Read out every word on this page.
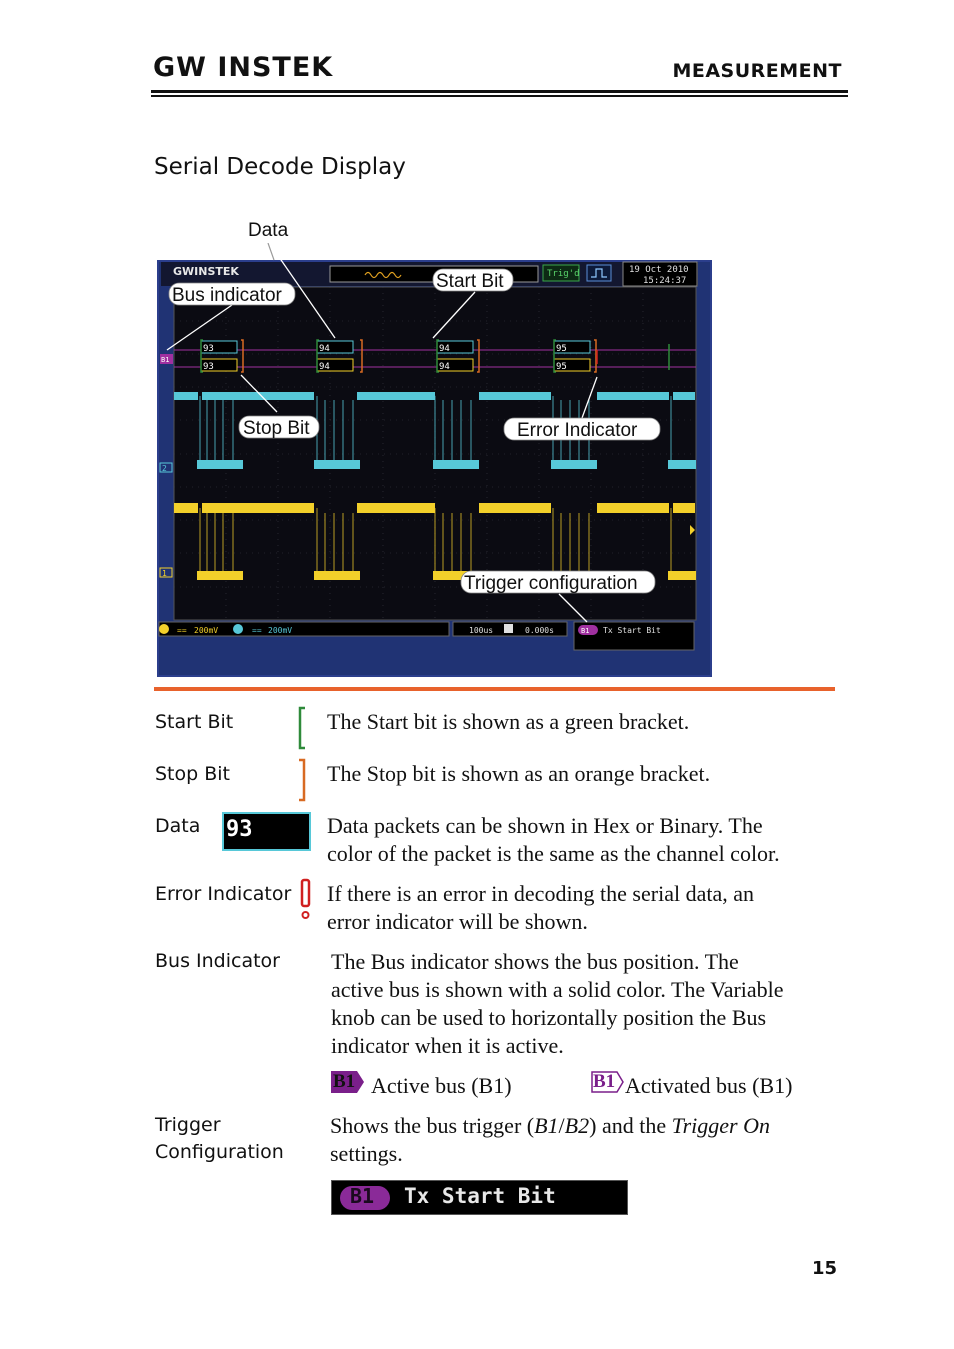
GW INSTEK	MEASUREMENT
Serial Decode Display
Data
GWINSTEK	Trig'd	19 Oct 2010
15:24:37
B1
93
93
94
94
94
94
95
95
2
1
== 200mV	== 200mV	100us	0.000s	B1 Tx Start Bit
Bus indicator
Start Bit
Stop Bit	Error Indicator
Trigger configuration
Start Bit	The Start bit is shown as a green bracket.
Stop Bit	The Stop bit is shown as an orange bracket.
Data 93	Data packets can be shown in Hex or Binary. The
color of the packet is the same as the channel color.
Error Indicator If there is an error in decoding the serial data, an
error indicator will be shown.
Bus Indicator The Bus indicator shows the bus position. The
active bus is shown with a solid color. The Variable
knob can be used to horizontally position the Bus
indicator when it is active.
B1 Active bus (B1)	B1 Activated bus (B1)
Trigger
Configuration
Shows the bus trigger (B1/B2) and the Trigger On
settings.
B1 Tx Start Bit
15
